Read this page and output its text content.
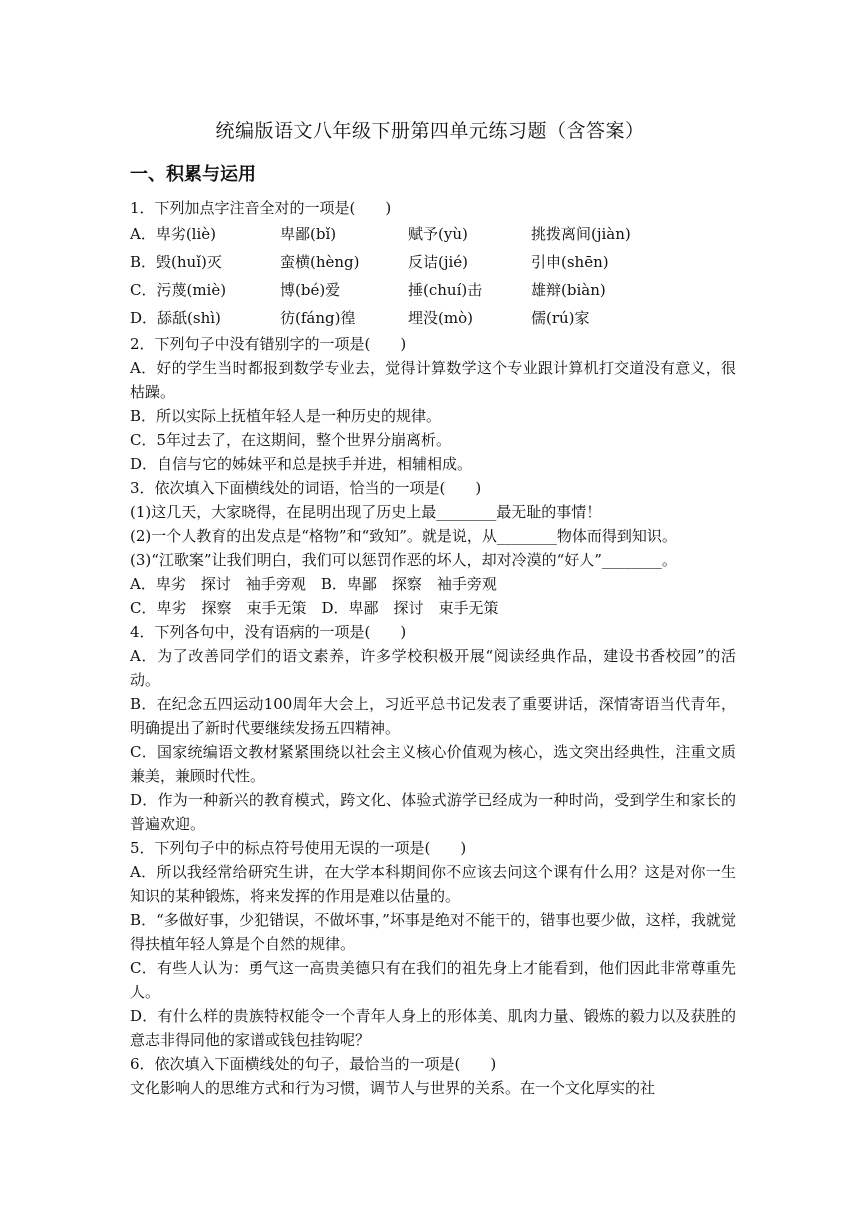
统编版语文八年级下册第四单元练习题（含答案）
一、积累与运用

1．下列加点字注音全对的一项是(　　)

A．卑劣(liè)	卑鄙(bǐ)	赋予(yù)	挑拨离间(jiàn)
B．毁(huǐ)灭	蛮横(hèng)	反诘(jié)	引申(shēn)
C．污蔑(miè)	博(bé)爱	捶(chuí)击	雄辩(biàn)
D．舔舐(shì)	彷(fáng)徨	埋没(mò)	儒(rú)家

2．下列句子中没有错别字的一项是(　　)

A．好的学生当时都报到数学专业去，觉得计算数学这个专业跟计算机打交道没有意义，很枯躁。

B．所以实际上抚植年轻人是一种历史的规律。

C．5年过去了，在这期间，整个世界分崩离析。

D．自信与它的姊妹平和总是挟手并进，相辅相成。

3．依次填入下面横线处的词语，恰当的一项是(　　)

(1)这几天，大家晓得，在昆明出现了历史上最________最无耻的事情！

(2)一个人教育的出发点是“格物”和“致知”。就是说，从________物体而得到知识。

(3)“江歌案”让我们明白，我们可以惩罚作恶的坏人，却对冷漠的“好人”________。

A．卑劣　探讨　袖手旁观　B．卑鄙　探察　袖手旁观

C．卑劣　探察　束手无策　D．卑鄙　探讨　束手无策

4．下列各句中，没有语病的一项是(　　)

A．为了改善同学们的语文素养，许多学校积极开展“阅读经典作品，建设书香校园”的活动。

B．在纪念五四运动100周年大会上，习近平总书记发表了重要讲话，深情寄语当代青年，明确提出了新时代要继续发扬五四精神。

C．国家统编语文教材紧紧围绕以社会主义核心价值观为核心，选文突出经典性，注重文质兼美，兼顾时代性。

D．作为一种新兴的教育模式，跨文化、体验式游学已经成为一种时尚，受到学生和家长的普遍欢迎。

5．下列句子中的标点符号使用无误的一项是(　　)

A．所以我经常给研究生讲，在大学本科期间你不应该去问这个课有什么用？这是对你一生知识的某种锻炼，将来发挥的作用是难以估量的。

B．“多做好事，少犯错误，不做坏事，”坏事是绝对不能干的，错事也要少做，这样，我就觉得扶植年轻人算是个自然的规律。

C．有些人认为：勇气这一高贵美德只有在我们的祖先身上才能看到，他们因此非常尊重先人。

D．有什么样的贵族特权能令一个青年人身上的形体美、肌肉力量、锻炼的毅力以及获胜的意志非得同他的家谱或钱包挂钩呢？

6．依次填入下面横线处的句子，最恰当的一项是(　　)

文化影响人的思维方式和行为习惯，调节人与世界的关系。在一个文化厚实的社
